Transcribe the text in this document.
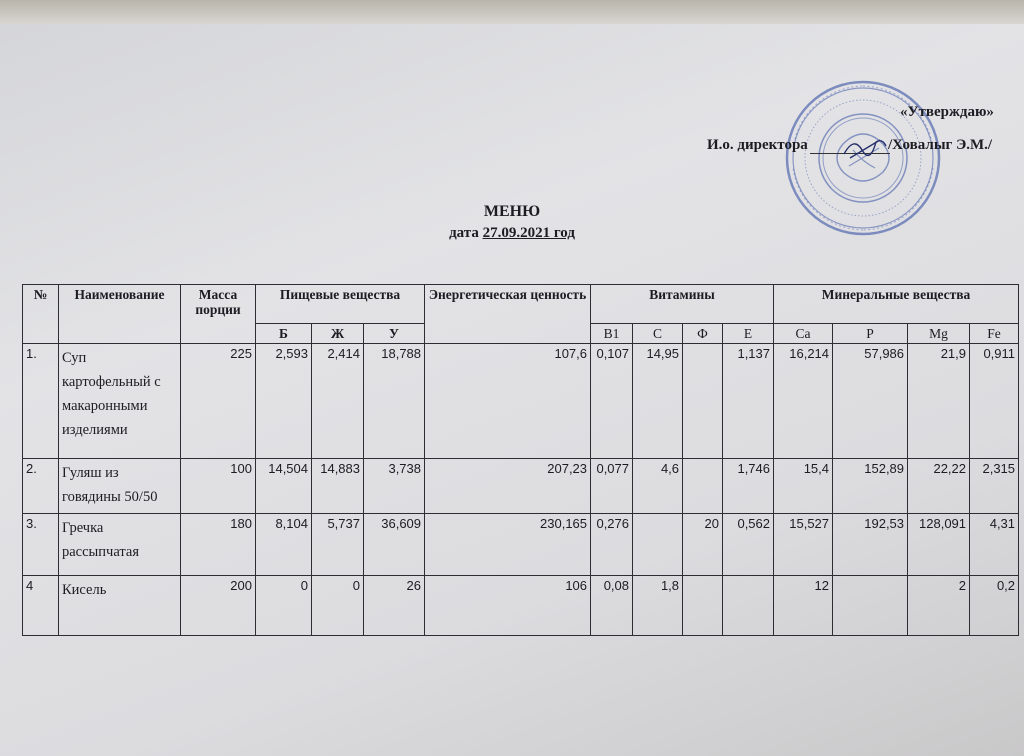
«Утверждаю»
И.о. директора	/Ховалыг Э.М./
МЕНЮ
дата 27.09.2021 год
№	Наименование	Масса порции	Пищевые вещества			Энергетическая ценность	Витамины				Минеральные вещества			
			Б	Ж	У		B1	C	Ф	E	Ca	P	Mg	Fe
1.	Суп картофельный с макаронными изделиями	225	2,593	2,414	18,788	107,6	0,107	14,95		1,137	16,214	57,986	21,9	0,911
2.	Гуляш из говядины 50/50	100	14,504	14,883	3,738	207,23	0,077	4,6		1,746	15,4	152,89	22,22	2,315
3.	Гречка рассыпчатая	180	8,104	5,737	36,609	230,165	0,276		20	0,562	15,527	192,53	128,091	4,31
4	Кисель	200	0	0	26	106	0,08	1,8			12		2	0,2
